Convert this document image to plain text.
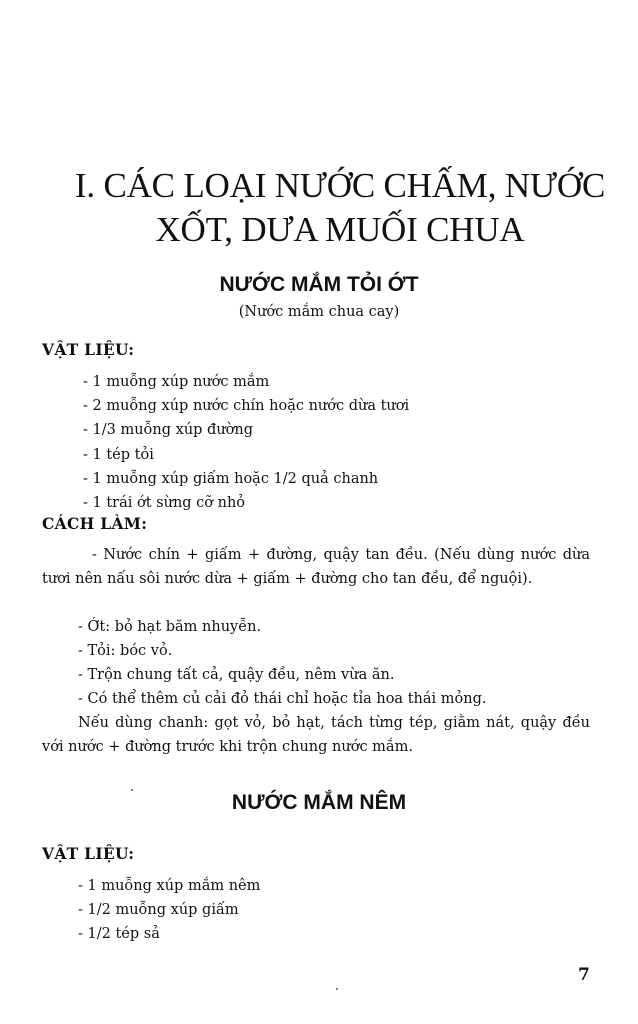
I. CÁC LOẠI NƯỚC CHẤM, NƯỚC
XỐT, DƯA MUỐI CHUA
NƯỚC MẮM TỎI ỚT
(Nước mắm chua cay)
VẬT LIỆU:
- 1 muỗng xúp nước mắm
- 2 muỗng xúp nước chín hoặc nước dừa tươi
- 1/3 muỗng xúp đường
- 1 tép tỏi
- 1 muỗng xúp giấm hoặc 1/2 quả chanh
- 1 trái ớt sừng cỡ nhỏ
CÁCH LÀM:

- Nước chín + giấm + đường, quậy tan đều. (Nếu dùng nước dừa tươi nên nấu sôi nước dừa + giấm + đường cho tan đều, để nguội).

- Ớt: bỏ hạt băm nhuyễn.

- Tỏi: bóc vỏ.

- Trộn chung tất cả, quậy đều, nêm vừa ăn.

- Có thể thêm củ cải đỏ thái chỉ hoặc tỉa hoa thái mỏng.

Nếu dùng chanh: gọt vỏ, bỏ hạt, tách từng tép, giằm nát, quậy đều với nước + đường trước khi trộn chung nước mắm.

NƯỚC MẮM NÊM
VẬT LIỆU:
- 1 muỗng xúp mắm nêm
- 1/2 muỗng xúp giấm
- 1/2 tép sả
7
